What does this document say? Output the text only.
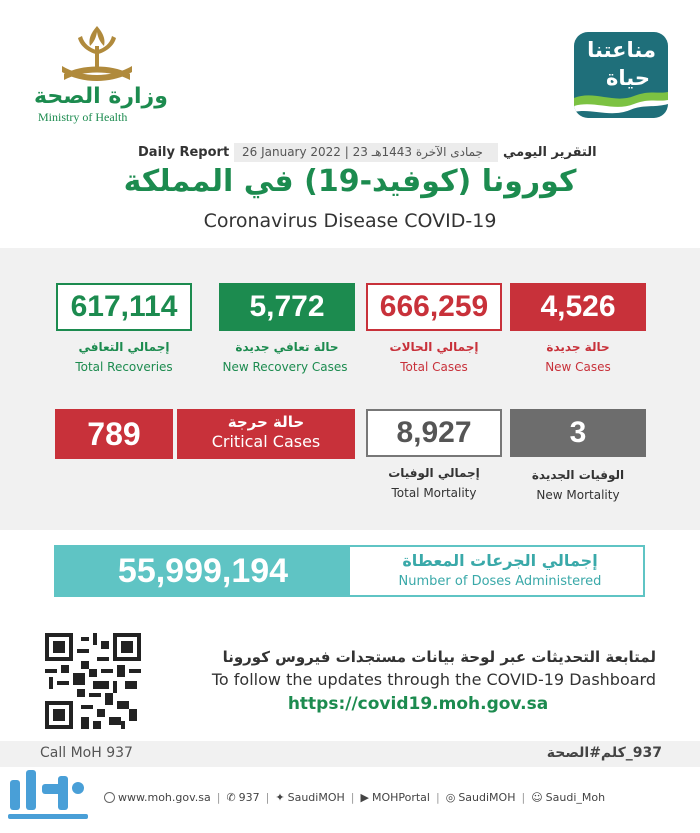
وزارة الصحة
Ministry of Health
مناعتنا
حياة
Daily Report	26 January 2022 | 23 جمادى الآخرة 1443هـ	التقرير اليومي
كورونا (كوفيد-19) في المملكة
Coronavirus Disease COVID-19
617,114
إجمالي التعافي
Total Recoveries
5,772
حالة تعافي جديدة
New Recovery Cases
666,259
إجمالي الحالات
Total Cases
4,526
حالة جديدة
New Cases
789	حالة حرجة
Critical Cases	8,927
إجمالي الوفيات
Total Mortality
3
الوفيات الجديدة
New Mortality
55,999,194	إجمالي الجرعات المعطاة
Number of Doses Administered
لمتابعة التحديثات عبر لوحة بيانات مستجدات فيروس كورونا
To follow the updates through the COVID-19 Dashboard
https://covid19.moh.gov.sa
Call MoH 937	937_كلم#الصحة
www.moh.gov.sa | ✆ 937 | ✦ SaudiMOH | ▶ MOHPortal | ◎ SaudiMOH | ☺ Saudi_Moh
